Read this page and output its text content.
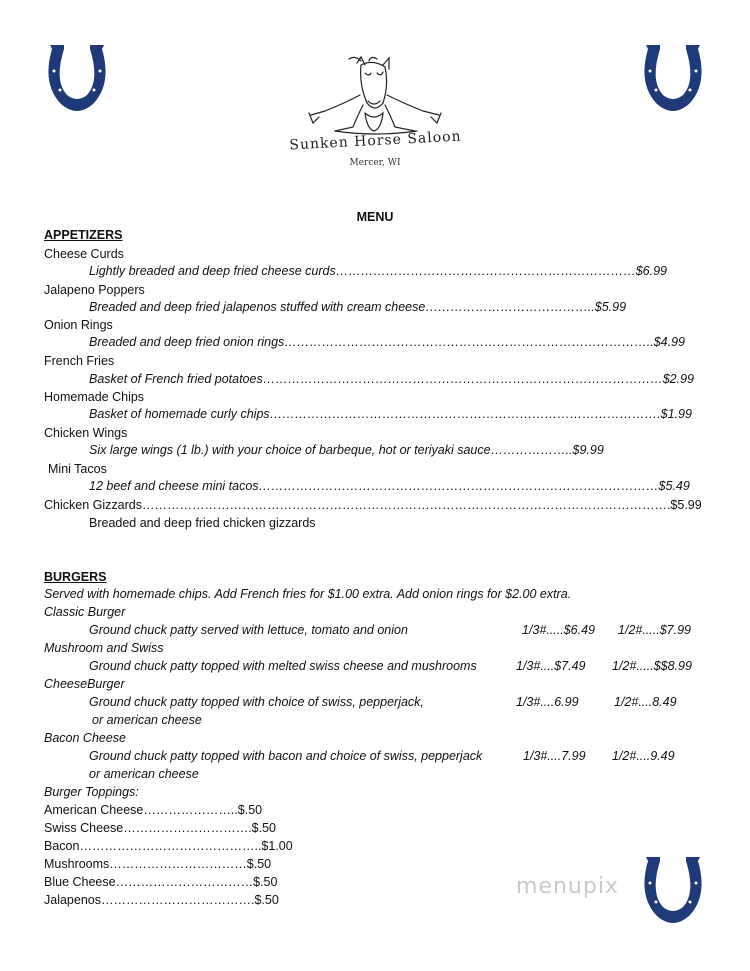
Sunken Horse Saloon
Mercer, WI
MENU
APPETIZERS
Cheese Curds
Lightly breaded and deep fried cheese curds………………………………………………………………$6.99
Jalapeno Poppers
Breaded and deep fried jalapenos stuffed with cream cheese…………………………………..$5.99
Onion Rings
Breaded and deep fried onion rings……………………………………………………………………………..$4.99
French Fries
Basket of French fried potatoes……………………………………………………………………………………$2.99
Homemade Chips
Basket of homemade curly chips………………………………………………………………………………….$1.99
Chicken Wings
Six large wings (1 lb.) with your choice of barbeque, hot or teriyaki sauce………………..$9.99
Mini Tacos
12 beef and cheese mini tacos……………………………………………………………………………………$5.49
Chicken Gizzards……………………………………………………………………………………………………………….$5.99
Breaded and deep fried chicken gizzards
BURGERS
Served with homemade chips. Add French fries for $1.00 extra. Add onion rings for $2.00 extra.
Classic Burger
Ground chuck patty served with lettuce, tomato and onion	1/3#.....$6.49 1/2#.....$7.99
Mushroom and Swiss
Ground chuck patty topped with melted swiss cheese and mushrooms	1/3#....$7.49 1/2#.....$$8.99
CheeseBurger
Ground chuck patty topped with choice of swiss, pepperjack,
or american cheese
1/3#....6.99	1/2#....8.49
Bacon Cheese
Ground chuck patty topped with bacon and choice of swiss, pepperjack
or american cheese
1/3#....7.99 1/2#....9.49
Burger Toppings:
American Cheese…………………..$.50
Swiss Cheese………………………….$.50
Bacon……………………………………..$1.00
Mushrooms……………………………$.50
Blue Cheese……………………………$.50
Jalapenos……………………………….$.50
menupix
